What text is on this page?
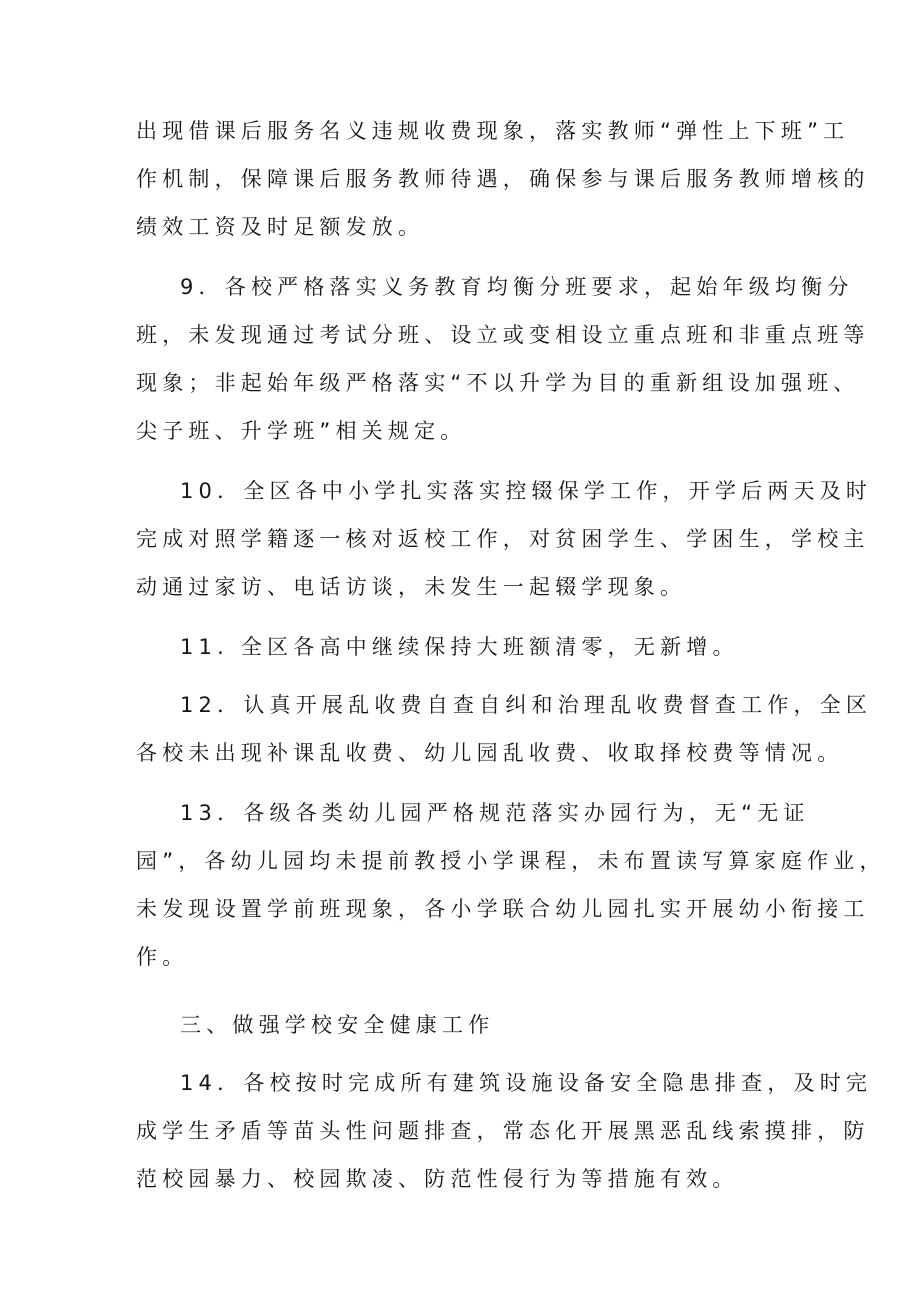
出现借课后服务名义违规收费现象，落实教师“弹性上下班”工
作机制，保障课后服务教师待遇，确保参与课后服务教师增核的
绩效工资及时足额发放。
9．各校严格落实义务教育均衡分班要求，起始年级均衡分
班，未发现通过考试分班、设立或变相设立重点班和非重点班等
现象；非起始年级严格落实“不以升学为目的重新组设加强班、
尖子班、升学班”相关规定。
10．全区各中小学扎实落实控辍保学工作，开学后两天及时
完成对照学籍逐一核对返校工作，对贫困学生、学困生，学校主
动通过家访、电话访谈，未发生一起辍学现象。
11. 全区各高中继续保持大班额清零，无新增。
12．认真开展乱收费自查自纠和治理乱收费督查工作，全区
各校未出现补课乱收费、幼儿园乱收费、收取择校费等情况。
13．各级各类幼儿园严格规范落实办园行为，无“无证
园”，各幼儿园均未提前教授小学课程，未布置读写算家庭作业，
未发现设置学前班现象，各小学联合幼儿园扎实开展幼小衔接工
作。
三、做强学校安全健康工作
14．各校按时完成所有建筑设施设备安全隐患排查，及时完
成学生矛盾等苗头性问题排查，常态化开展黑恶乱线索摸排，防
范校园暴力、校园欺凌、防范性侵行为等措施有效。
